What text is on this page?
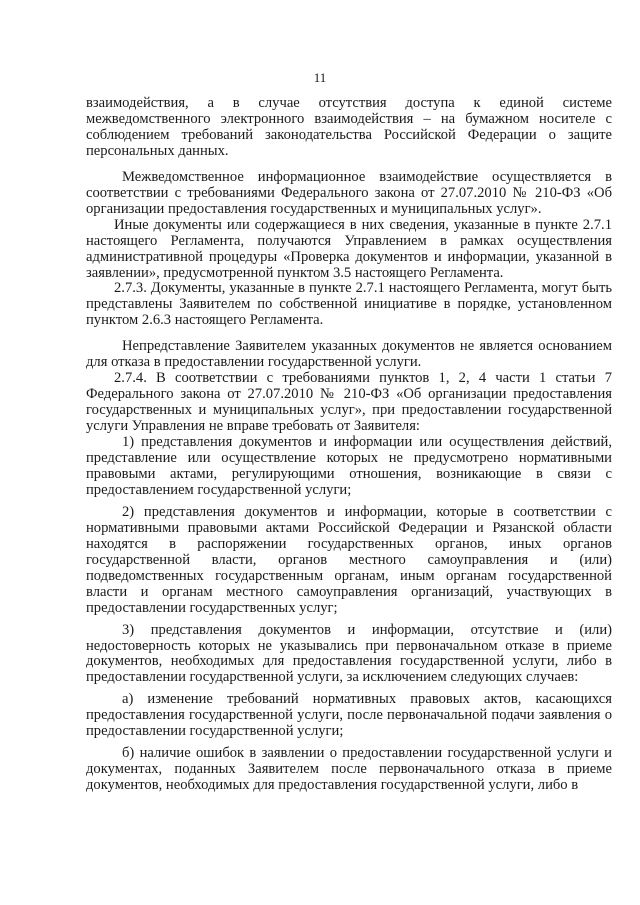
11

взаимодействия, а в случае отсутствия доступа к единой системе межведомственного электронного взаимодействия – на бумажном носителе с соблюдением требований законодательства Российской Федерации о защите персональных данных.

Межведомственное информационное взаимодействие осуществляется в соответствии с требованиями Федерального закона от 27.07.2010 № 210-ФЗ «Об организации предоставления государственных и муниципальных услуг».

Иные документы или содержащиеся в них сведения, указанные в пункте 2.7.1 настоящего Регламента, получаются Управлением в рамках осуществления административной процедуры «Проверка документов и информации, указанной в заявлении», предусмотренной пунктом 3.5 настоящего Регламента.

2.7.3. Документы, указанные в пункте 2.7.1 настоящего Регламента, могут быть представлены Заявителем по собственной инициативе в порядке, установленном пунктом 2.6.3 настоящего Регламента.

Непредставление Заявителем указанных документов не является основанием для отказа в предоставлении государственной услуги.

2.7.4. В соответствии с требованиями пунктов 1, 2, 4 части 1 статьи 7 Федерального закона от 27.07.2010 № 210-ФЗ «Об организации предоставления государственных и муниципальных услуг», при предоставлении государственной услуги Управления не вправе требовать от Заявителя:

1) представления документов и информации или осуществления действий, представление или осуществление которых не предусмотрено нормативными правовыми актами, регулирующими отношения, возникающие в связи с предоставлением государственной услуги;

2) представления документов и информации, которые в соответствии с нормативными правовыми актами Российской Федерации и Рязанской области находятся в распоряжении государственных органов, иных органов государственной власти, органов местного самоуправления и (или) подведомственных государственным органам, иным органам государственной власти и органам местного самоуправления организаций, участвующих в предоставлении государственных услуг;

3) представления документов и информации, отсутствие и (или) недостоверность которых не указывались при первоначальном отказе в приеме документов, необходимых для предоставления государственной услуги, либо в предоставлении государственной услуги, за исключением следующих случаев:

а) изменение требований нормативных правовых актов, касающихся предоставления государственной услуги, после первоначальной подачи заявления о предоставлении государственной услуги;

б) наличие ошибок в заявлении о предоставлении государственной услуги и документах, поданных Заявителем после первоначального отказа в приеме документов, необходимых для предоставления государственной услуги, либо в
